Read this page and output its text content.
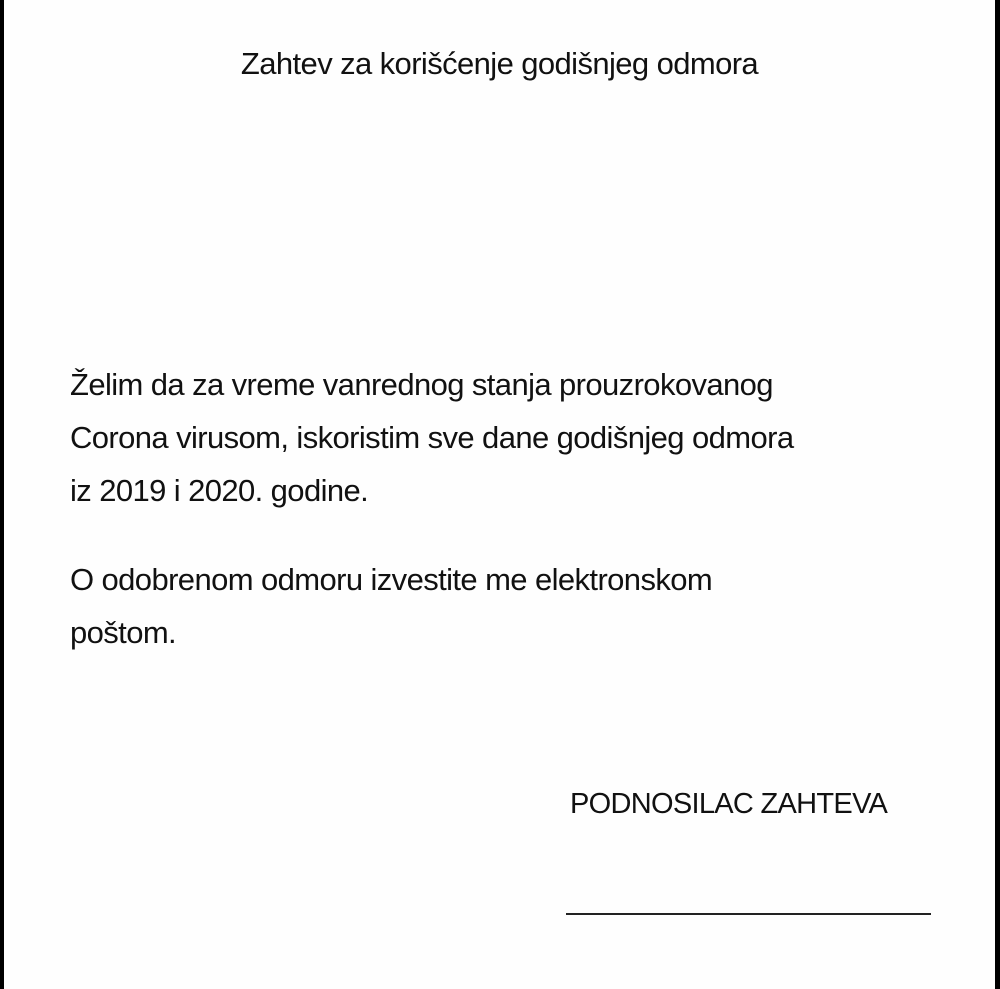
Zahtev za korišćenje godišnjeg odmora
Želim da za vreme vanrednog stanja prouzrokovanog
Corona virusom, iskoristim sve dane godišnjeg odmora
iz 2019 i 2020. godine.
O odobrenom odmoru izvestite me elektronskom
poštom.
PODNOSILAC ZAHTEVA
